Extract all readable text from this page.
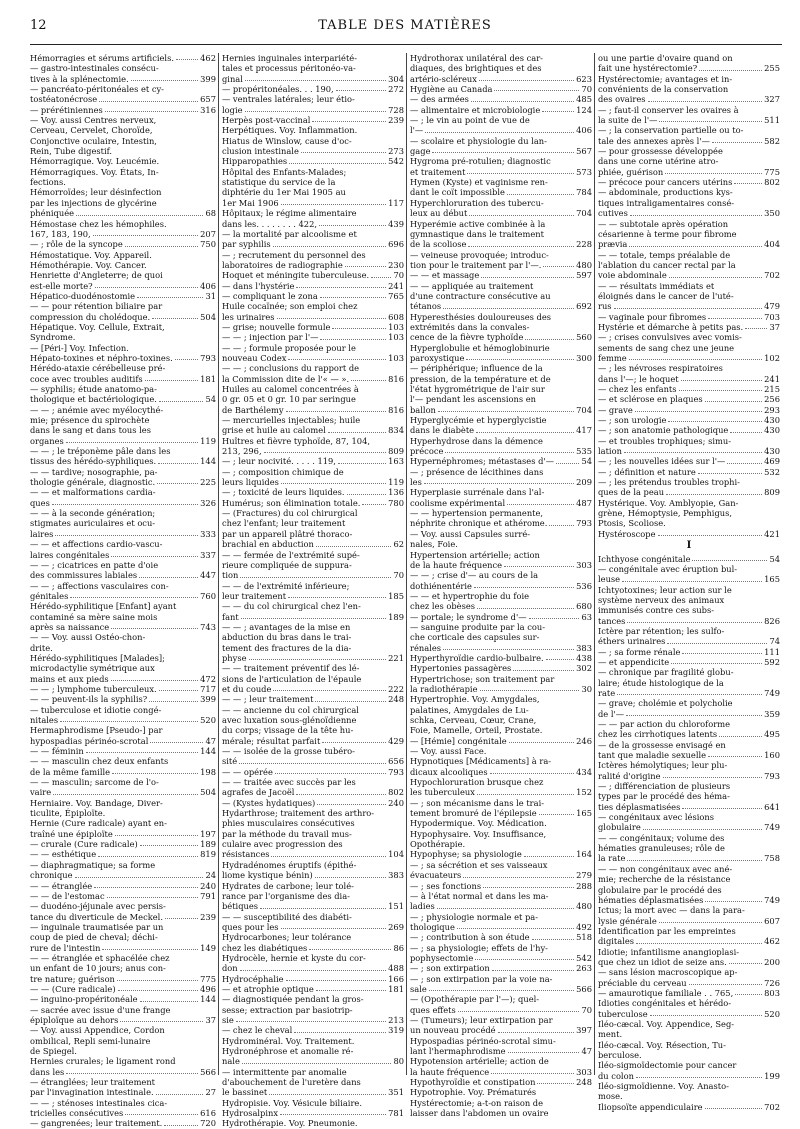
12	TABLE DES MATIÈRES
Hémorragies et sérums artificiels.	462
— gastro-intestinales consécu-
tives à la splénectomie.	399
— pancréato-péritonéales et cy-
tostéatonécrose	657
— prérétiniennes	316
— Voy. aussi Centres nerveux,
Cerveau, Cervelet, Choroïde,
Conjonctive oculaire, Intestin,
Rein, Tube digestif.
Hémorragique. Voy. Leucémie.
Hémorragiques. Voy. États, In-
fections.
Hémorroïdes; leur désinfection
par les injections de glycérine
phéniquée	68
Hémostase chez les hémophiles.
167, 183, 190,	207
— ; rôle de la syncope	750
Hémostatique. Voy. Appareil.
Hémothérapie. Voy. Cancer.
Henriette d'Angleterre; de quoi
est-elle morte?	406
Hépatico-duodénostomie	31
— — pour rétention biliaire par
compression du cholédoque.	504
Hépatique. Voy. Cellule, Extrait,
Syndrome.
— [Péri-] Voy. Infection.
Hépato-toxines et néphro-toxines.	793
Hérédo-ataxie cérébelleuse pré-
coce avec troubles auditifs	181
— syphilis; étude anatomo-pa-
thologique et bactériologique.	54
— — ; anémie avec myélocythé-
mie; présence du spirochète
dans le sang et dans tous les
organes	119
— — ; le tréponème pâle dans les
tissus des hérédo-syphiliques.	144
— — tardive; nosographie, pa-
thologie générale, diagnostic.	225
— — et malformations cardia-
ques	326
— — à la seconde génération;
stigmates auriculaires et ocu-
laires	333
— — et affections cardio-vascu-
laires congénitales	337
— — ; cicatrices en patte d'oie
des commissures labiales	447
— — ; affections vasculaires con-
génitales	760
Hérédo-syphilitique [Enfant] ayant
contaminé sa mère saine mois
après sa naissance	743
— — Voy. aussi Ostéo-chon-
drite.
Hérédo-syphilitiques [Malades];
microdactylie symétrique aux
mains et aux pieds	472
— — ; lymphome tuberculeux.	717
— — peuvent-ils la syphilis?	399
— tuberculose et idiotie congé-
nitales	520
Hermaphrodisme [Pseudo-] par
hypospadias périnéo-scrotal	47
— — féminin	144
— — masculin chez deux enfants
de la même famille	198
— — masculin; sarcome de l'o-
vaire	504
Herniaire. Voy. Bandage, Diver-
ticulite, Épiploïte.
Hernie (Cure radicale) ayant en-
traîné une épiploïte	197
— crurale (Cure radicale)	189
— — esthétique	819
— diaphragmatique; sa forme
chronique	24
— — étranglée	240
— — de l'estomac	791
— duodéno-jéjunale avec persis-
tance du diverticule de Meckel.	239
— inguinale traumatisée par un
coup de pied de cheval; déchi-
rure de l'intestin	149
— — étranglée et sphacélée chez
un enfant de 10 jours; anus con-
tre nature; guérison	775
— — (Cure radicale)	496
— inguino-propéritonéale	144
— sacrée avec issue d'une frange
épiploïque au dehors	37
— Voy. aussi Appendice, Cordon
ombilical, Repli semi-lunaire
de Spiegel.
Hernies crurales; le ligament rond
dans les	566
— étranglées; leur traitement
par l'invagination intestinale.	27
— — ; sténoses intestinales cica-
tricielles consécutives	616
— gangrenées; leur traitement.	720
Hernies inguinales interpariété-
tales et processus péritonéo-va-
ginal	304
— propéritonéales. . . 190,	272
— ventrales latérales; leur étio-
logie	728
Herpès post-vaccinal	239
Herpétiques. Voy. Inflammation.
Hiatus de Winslow, cause d'oc-
clusion intestinale	273
Hipparopathies	542
Hôpital des Enfants-Malades;
statistique du service de la
diphtérie du 1er Mai 1905 au
1er Mai 1906	117
Hôpitaux; le régime alimentaire
dans les. . . . . . . . 422,	439
— la mortalité par alcoolisme et
par syphilis	696
— ; recrutement du personnel des
laboratoires de radiographie	230
Hoquet et méningite tuberculeuse.	70
— dans l'hystérie	241
— compliquant le zona	765
Huile cocaïnée; son emploi chez
les urinaires	608
— grise; nouvelle formule	103
— — ; injection par l'—	103
— — ; formule proposée pour le
nouveau Codex	103
— — ; conclusions du rapport de
la Commission dite de l'« — ».	816
Huiles au calomel concentrées à
0 gr. 05 et 0 gr. 10 par seringue
de Barthélemy	816
— mercurielles injectables; huile
grise et huile au calomel	834
Huîtres et fièvre typhoïde, 87, 104,
213, 296,	809
— ; leur nocivité. . . . . 119,	163
— ; composition chimique de
leurs liquides	119
— ; toxicité de leurs liquides.	136
Humérus; son élimination totale.	780
— (Fractures) du col chirurgical
chez l'enfant; leur traitement
par un appareil plâtré thoraco-
brachial en abduction	62
— — fermée de l'extrémité supé-
rieure compliquée de suppura-
tion	70
— — de l'extrémité inférieure;
leur traitement	185
— — du col chirurgical chez l'en-
fant	189
— — ; avantages de la mise en
abduction du bras dans le trai-
tement des fractures de la dia-
physe	221
— — traitement préventif des lé-
sions de l'articulation de l'épaule
et du coude	222
— — ; leur traitement	248
— — ancienne du col chirurgical
avec luxation sous-glénoïdienne
du corps; vissage de la tête hu-
mérale; résultat parfait	429
— — isolée de la grosse tubéro-
sité	656
— — opérée	793
— — traitée avec succès par les
agrafes de Jacoël	802
— (Kystes hydatiques)	240
Hydarthrose; traitement des arthro-
phies musculaires consécutives
par la méthode du travail mus-
culaire avec progression des
résistances	104
Hydradénomes éruptifs (épithé-
liome kystique bénin)	383
Hydrates de carbone; leur tolé-
rance par l'organisme des dia-
bétiques	151
— — susceptibilité des diabéti-
ques pour les	269
Hydrocarbones; leur tolérance
chez les diabétiques	86
Hydrocèle, hernie et kyste du cor-
don	488
Hydrocéphalie	166
— et atrophie optique	181
— diagnostiquée pendant la gros-
sesse; extraction par basiotrip-
sie	213
— chez le cheval	319
Hydrominéral. Voy. Traitement.
Hydronéphrose et anomalie ré-
nale	80
— intermittente par anomalie
d'abouchement de l'uretère dans
le bassinet	351
Hydropisie. Voy. Vésicule biliaire.
Hydrosalpinx	781
Hydrothérapie. Voy. Pneumonie.
Hydrothorax unilatéral des car-
diaques, des brightiques et des
artério-scléreux	623
Hygiène au Canada	70
— des armées	485
— alimentaire et microbiologie	124
— ; le vin au point de vue de
l'—	406
— scolaire et physiologie du lan-
gage	567
Hygroma pré-rotulien; diagnostic
et traitement	573
Hymen (Kyste) et vaginisme ren-
dant le coït impossible	784
Hyperchloruration des tubercu-
leux au début	704
Hyperémie active combinée à la
gymnastique dans le traitement
de la scoliose	228
— veineuse provoquée; introduc-
tion pour le traitement par l'—.	480
— — et massage	597
— — appliquée au traitement
d'une contracture consécutive au
tétanos	692
Hyperesthésies douloureuses des
extrémités dans la convales-
cence de la fièvre typhoïde	560
Hyperglobulie et hémoglobinurie
paroxystique	300
— périphérique; influence de la
pression, de la température et de
l'état hygrométrique de l'air sur
l'— pendant les ascensions en
ballon	704
Hyperglycémie et hyperglycistie
dans le diabète	417
Hyperhydrose dans la démence
précoce	535
Hypernéphromes; métastases d'—	54
— ; présence de lécithines dans
les	209
Hyperplasie surrénale dans l'al-
coolisme expérimental	487
— — hypertension permanente,
néphrite chronique et athérome.	793
— Voy. aussi Capsules surré-
nales, Foie.
Hypertension artérielle; action
de la haute fréquence	303
— — ; crise d'— au cours de la
dothiénentérie	536
— — et hypertrophie du foie
chez les obèses	680
— portale; le syndrome d'—	63
— sanguine produite par la cou-
che corticale des capsules sur-
rénales	383
Hyperthyroïdie cardio-bulbaire.	438
Hypertonies passagères	302
Hypertrichose; son traitement par
la radiothérapie	30
Hypertrophie. Voy. Amygdales,
palatines, Amygdales de Lu-
schka, Cerveau, Cœur, Crane,
Foie, Mamelle, Orteil, Prostate.
— [Hémie] congénitale	246
— Voy. aussi Face.
Hypnotiques [Médicaments] à ra-
dicaux alcooliques	434
Hypochloruration brusque chez
les tuberculeux	152
— ; son mécanisme dans le trai-
tement bromuré de l'épilepsie	165
Hypodermique. Voy. Médication.
Hypophysaire. Voy. Insuffisance,
Opothérapie.
Hypophyse; sa physiologie	164
— ; sa sécrétion et ses vaisseaux
évacuateurs	279
— ; ses fonctions	288
— à l'état normal et dans les ma-
ladies	480
— ; physiologie normale et pa-
thologique	492
— ; contribution à son étude	518
— ; sa physiologie; effets de l'hy-
pophysectomie	542
— ; son extirpation	263
— ; son extirpation par la voie na-
sale	566
— (Opothérapie par l'—); quel-
ques effets	70
— (Tumeurs); leur extirpation par
un nouveau procédé	397
Hypospadias périnéo-scrotal simu-
lant l'hermaphrodisme	47
Hypotension artérielle; action de
la haute fréquence	303
Hypothyroïdie et constipation	248
Hypotrophie. Voy. Prématurés
Hystérectomie; a-t-on raison de
laisser dans l'abdomen un ovaire
ou une partie d'ovaire quand on
fait une hystérectomie?	255
Hystérectomie; avantages et in-
convénients de la conservation
des ovaires	327
— ; faut-il conserver les ovaires à
la suite de l'—	511
— ; la conservation partielle ou to-
tale des annexes après l'—	582
— pour grossesse développée
dans une corne utérine atro-
phiée, guérison	775
— précoce pour cancers utérins	802
— abdominale, productions kys-
tiques intraligamentaires consé-
cutives	350
— — subtotale après opération
césarienne à terme pour fibrome
prævia	404
— — totale, temps préalable de
l'ablation du cancer rectal par la
voie abdominale	702
— — résultats immédiats et
éloignés dans le cancer de l'uté-
rus	479
— vaginale pour fibromes	703
Hystérie et démarche à petits pas.	37
— ; crises convulsives avec vomis-
sements de sang chez une jeune
femme	102
— ; les névroses respiratoires
dans l'—; le hoquet	241
— chez les enfants	215
— et sclérose en plaques	256
— grave	293
— ; son urologie	430
— ; son anatomie pathologique	430
— et troubles trophiques; simu-
lation	430
— ; les nouvelles idées sur l'—	469
— ; définition et nature	532
— ; les prétendus troubles trophi-
ques de la peau	809
Hystérique. Voy. Amblyopie, Gan-
grène, Hémoptysie, Pemphigus,
Ptosis, Scoliose.
Hystéroscope	421
I
Ichthyose congénitale	54
— congénitale avec éruption bul-
leuse	165
Ichtyotoxines; leur action sur le
système nerveux des animaux
immunisés contre ces subs-
tances	826
Ictère par rétention; les sulfo-
éthers urinaires	74
— ; sa forme rénale	111
— et appendicite	592
— chronique par fragilité globu-
laire; étude histologique de la
rate	749
— grave; cholémie et polycholie
de l'—	359
— — par action du chloroforme
chez les cirrhotiques latents	495
— de la grossesse envisagé en
tant que maladie sexuelle	160
Ictères hémolytiques; leur plu-
ralité d'origine	793
— ; différenciation de plusieurs
types par le procédé des héma-
ties déplasmatisées	641
— congénitaux avec lésions
globulaire	749
— — congénitaux; volume des
hématies granuleuses; rôle de
la rate	758
— — non congénitaux avec ané-
mie; recherche de la résistance
globulaire par le procédé des
hématies déplasmatisées	749
Ictus; la mort avec — dans la para-
lysie générale	607
Identification par les empreintes
digitales	462
Idiotie; infantilisme anangioplasi-
que chez un idiot de seize ans.	200
— sans lésion macroscopique ap-
préciable du cerveau	726
— amaurotique familiale . . 765,	803
Idioties congénitales et hérédo-
tuberculose	520
Iléo-cæcal. Voy. Appendice, Seg-
ment.
Iléo-cæcal. Voy. Résection, Tu-
berculose.
Iléo-sigmoïdectomie pour cancer
du colon	199
Iléo-sigmoïdienne. Voy. Anasto-
mose.
Iliopsoïte appendiculaire	702
